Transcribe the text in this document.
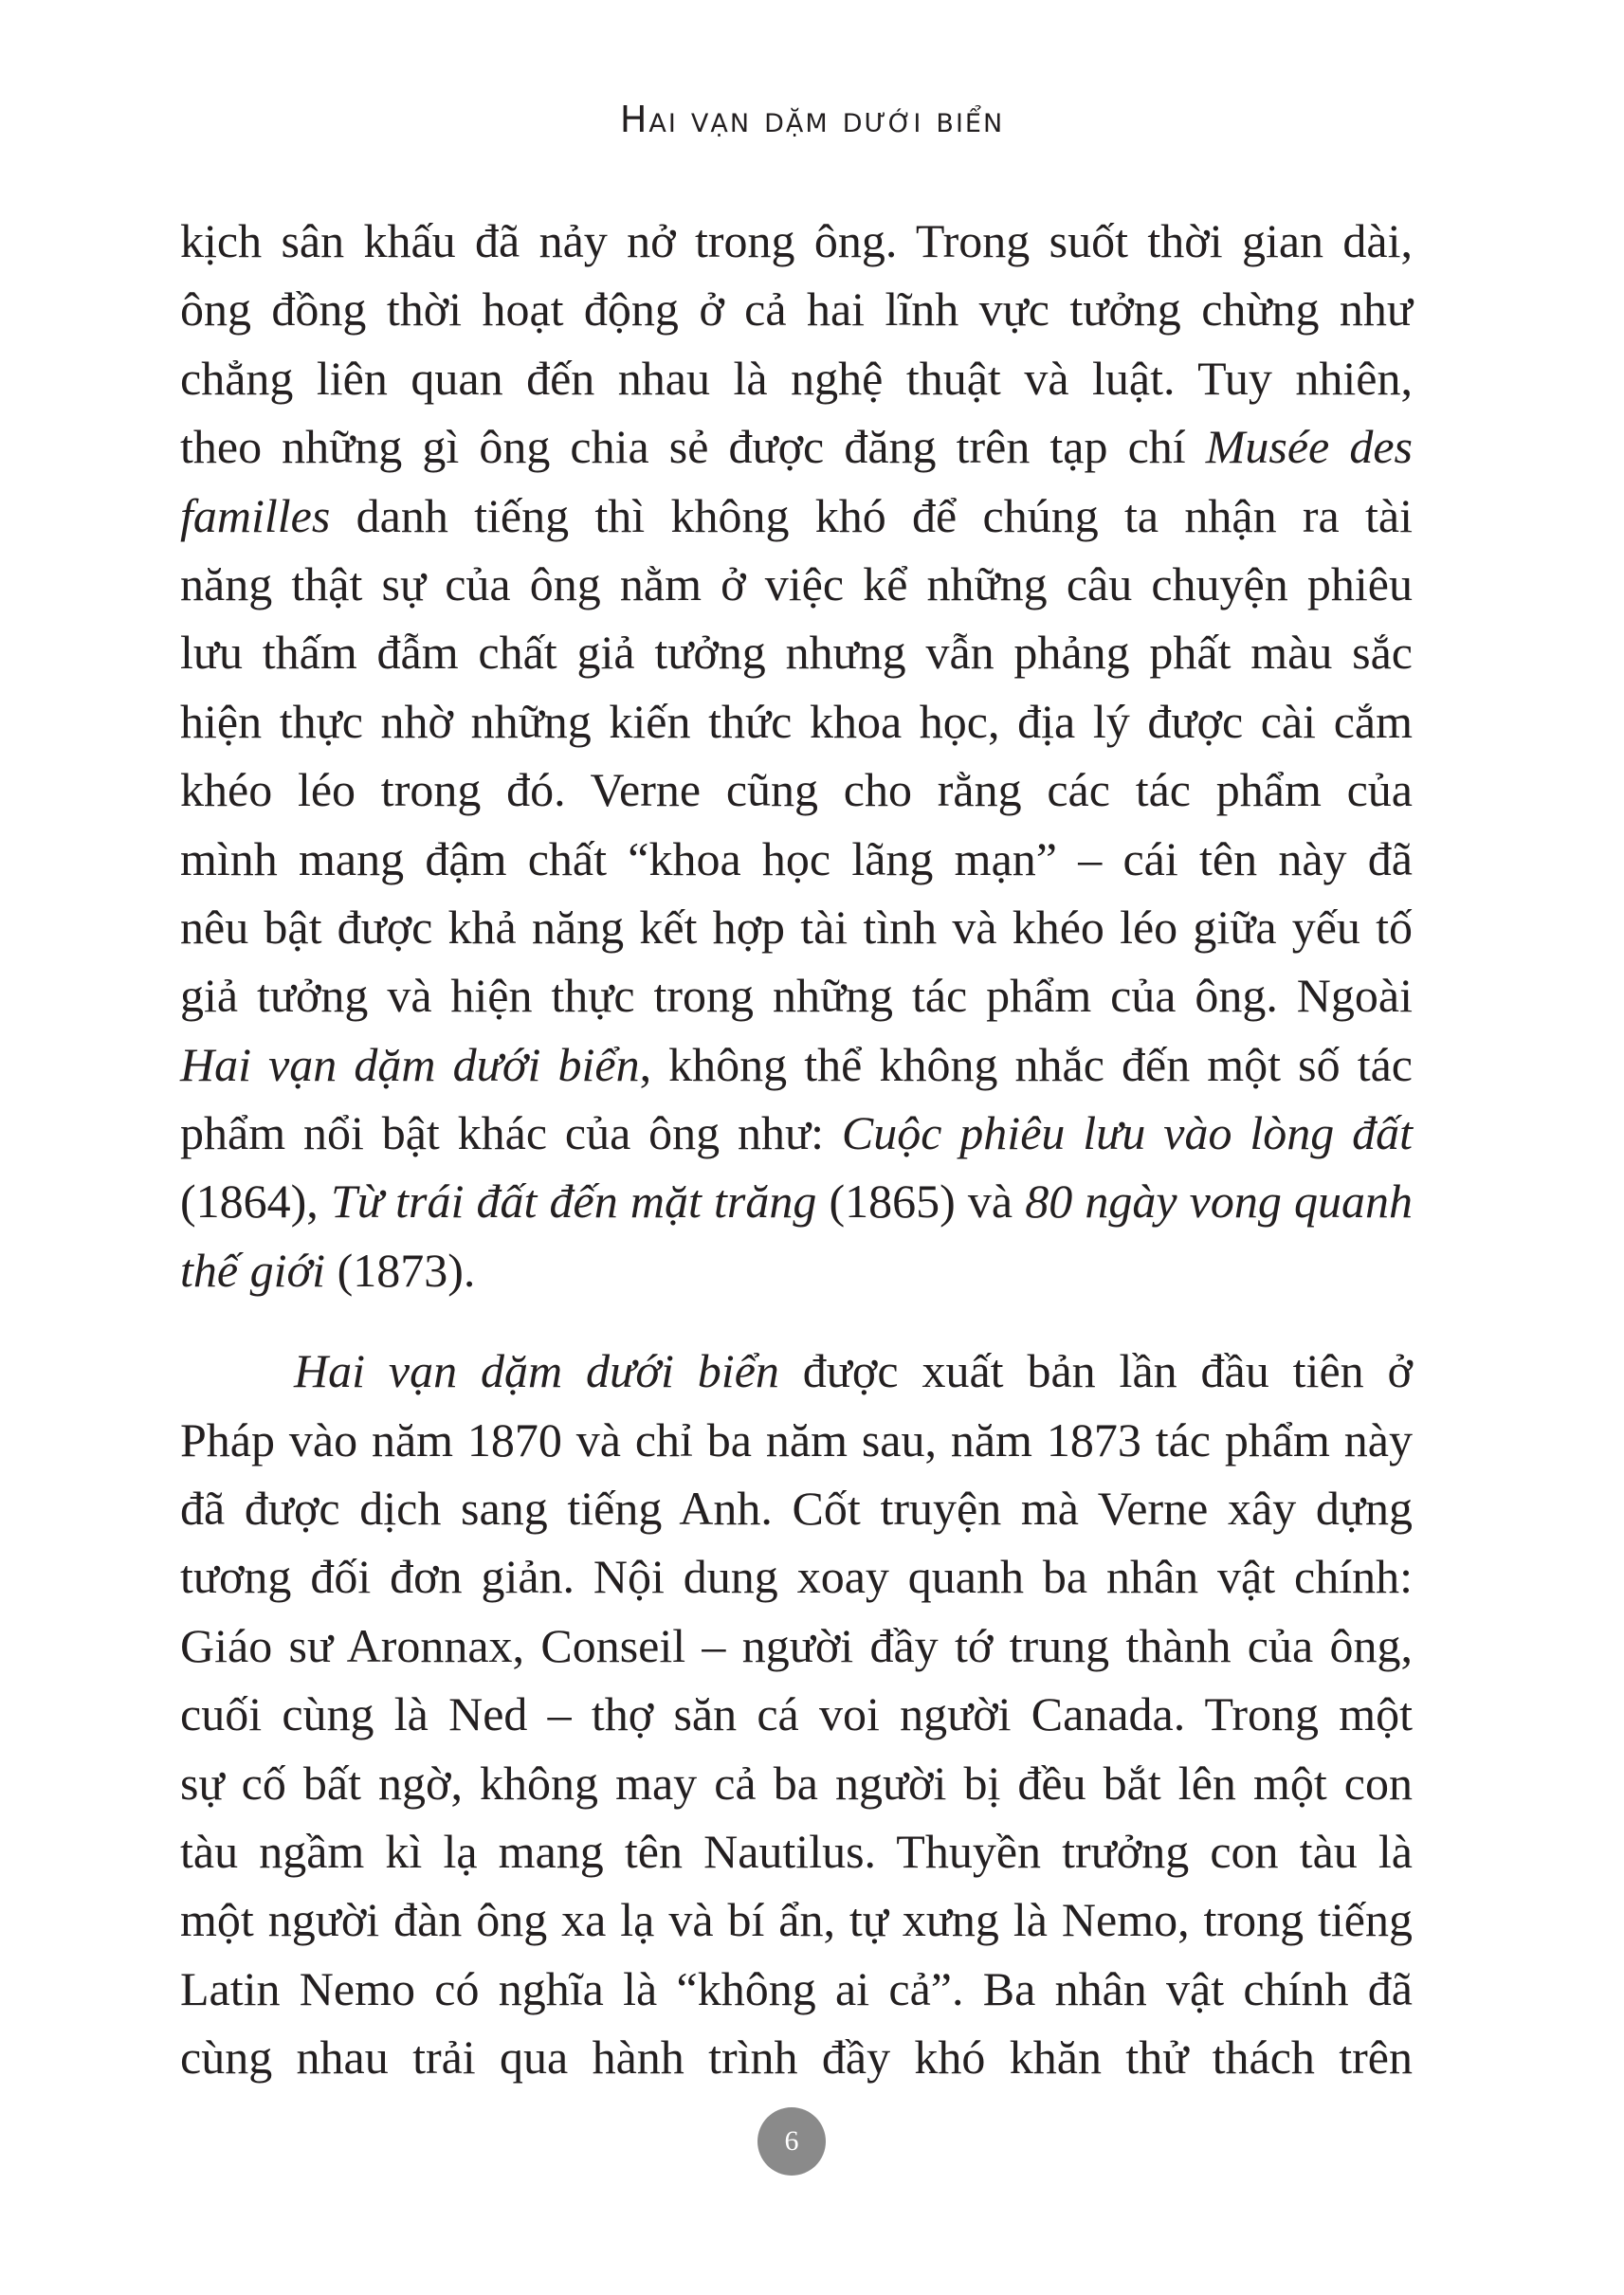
Hai vạn dặm dưới biển
kịch sân khấu đã nảy nở trong ông. Trong suốt thời gian dài,
ông đồng thời hoạt động ở cả hai lĩnh vực tưởng chừng như
chẳng liên quan đến nhau là nghệ thuật và luật. Tuy nhiên,
theo những gì ông chia sẻ được đăng trên tạp chí Musée des
familles danh tiếng thì không khó để chúng ta nhận ra tài
năng thật sự của ông nằm ở việc kể những câu chuyện phiêu
lưu thấm đẫm chất giả tưởng nhưng vẫn phảng phất màu sắc
hiện thực nhờ những kiến thức khoa học, địa lý được cài cắm
khéo léo trong đó. Verne cũng cho rằng các tác phẩm của
mình mang đậm chất “khoa học lãng mạn” – cái tên này đã
nêu bật được khả năng kết hợp tài tình và khéo léo giữa yếu tố
giả tưởng và hiện thực trong những tác phẩm của ông. Ngoài
Hai vạn dặm dưới biển, không thể không nhắc đến một số tác
phẩm nổi bật khác của ông như: Cuộc phiêu lưu vào lòng đất
(1864), Từ trái đất đến mặt trăng (1865) và 80 ngày vong quanh
thế giới (1873).
Hai vạn dặm dưới biển được xuất bản lần đầu tiên ở
Pháp vào năm 1870 và chỉ ba năm sau, năm 1873 tác phẩm này
đã được dịch sang tiếng Anh. Cốt truyện mà Verne xây dựng
tương đối đơn giản. Nội dung xoay quanh ba nhân vật chính:
Giáo sư Aronnax, Conseil – người đầy tớ trung thành của ông,
cuối cùng là Ned – thợ săn cá voi người Canada. Trong một
sự cố bất ngờ, không may cả ba người bị đều bắt lên một con
tàu ngầm kì lạ mang tên Nautilus. Thuyền trưởng con tàu là
một người đàn ông xa lạ và bí ẩn, tự xưng là Nemo, trong tiếng
Latin Nemo có nghĩa là “không ai cả”. Ba nhân vật chính đã
cùng nhau trải qua hành trình đầy khó khăn thử thách trên
6
